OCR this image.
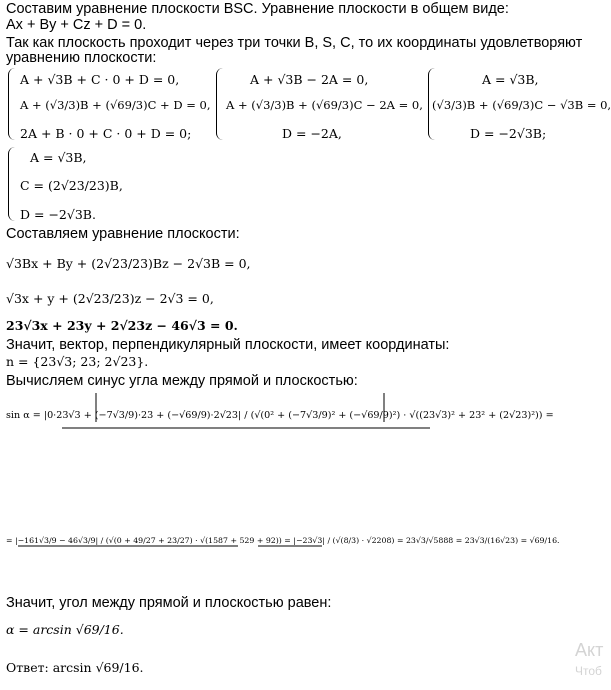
Составим уравнение плоскости BSC. Уравнение плоскости в общем виде:
Ax + By + Cz + D = 0.
Так как плоскость проходит через три точки B, S, C, то их координаты удовлетворяют
уравнению плоскости:
A + √3B + C · 0 + D = 0,
A + (√3/3)B + (√69/3)C + D = 0,
2A + B · 0 + C · 0 + D = 0;
A + √3B − 2A = 0,
A + (√3/3)B + (√69/3)C − 2A = 0,
D = −2A,
A = √3B,
(√3/3)B + (√69/3)C − √3B = 0,
D = −2√3B;
A = √3B,
C = (2√23/23)B,
D = −2√3B.
Составляем уравнение плоскости:
√3Bx + By + (2√23/23)Bz − 2√3B = 0,
√3x + y + (2√23/23)z − 2√3 = 0,
23√3x + 23y + 2√23z − 46√3 = 0.
Значит, вектор, перпендикулярный плоскости, имеет координаты:
n = {23√3; 23; 2√23}.
Вычисляем синус угла между прямой и плоскостью:
sin α = |0·23√3 + (−7√3/9)·23 + (−√69/9)·2√23| / (√(0² + (−7√3/9)² + (−√69/9)²) · √((23√3)² + 23² + (2√23)²)) =
= |−161√3/9 − 46√3/9| / (√(0 + 49/27 + 23/27) · √(1587 + 529 + 92)) = |−23√3| / (√(8/3) · √2208) = 23√3/√5888 = 23√3/(16√23) = √69/16.
Значит, угол между прямой и плоскостью равен:
α = arcsin √69/16.
Ответ: arcsin √69/16.
Акт
Чтоб
